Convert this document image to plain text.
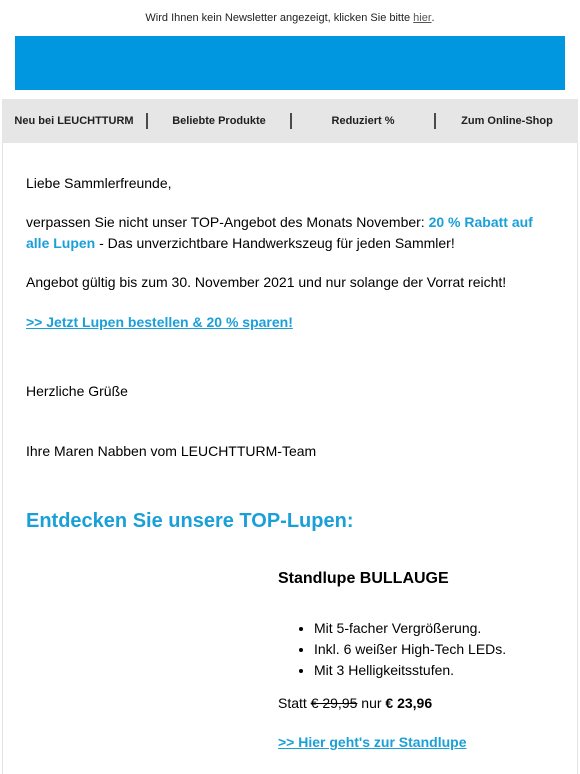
Wird Ihnen kein Newsletter angezeigt, klicken Sie bitte hier .
Neu bei LEUCHTTURM	Beliebte Produkte	Reduziert %	Zum Online-Shop
Liebe Sammlerfreunde,
verpassen Sie nicht unser TOP-Angebot des Monats November: 20 % Rabatt auf alle Lupen - Das unverzichtbare Handwerkszeug für jeden Sammler!
Angebot gültig bis zum 30. November 2021 und nur solange der Vorrat reicht!
>> Jetzt Lupen bestellen & 20 % sparen!
Herzliche Grüße
Ihre Maren Nabben vom LEUCHTTURM-Team
Entdecken Sie unsere TOP-Lupen:
Standlupe BULLAUGE
• Mit 5-facher Vergrößerung.
• Inkl. 6 weißer High-Tech LEDs.
• Mit 3 Helligkeitsstufen.
Statt € 29,95 nur € 23,96
>> Hier geht's zur Standlupe
